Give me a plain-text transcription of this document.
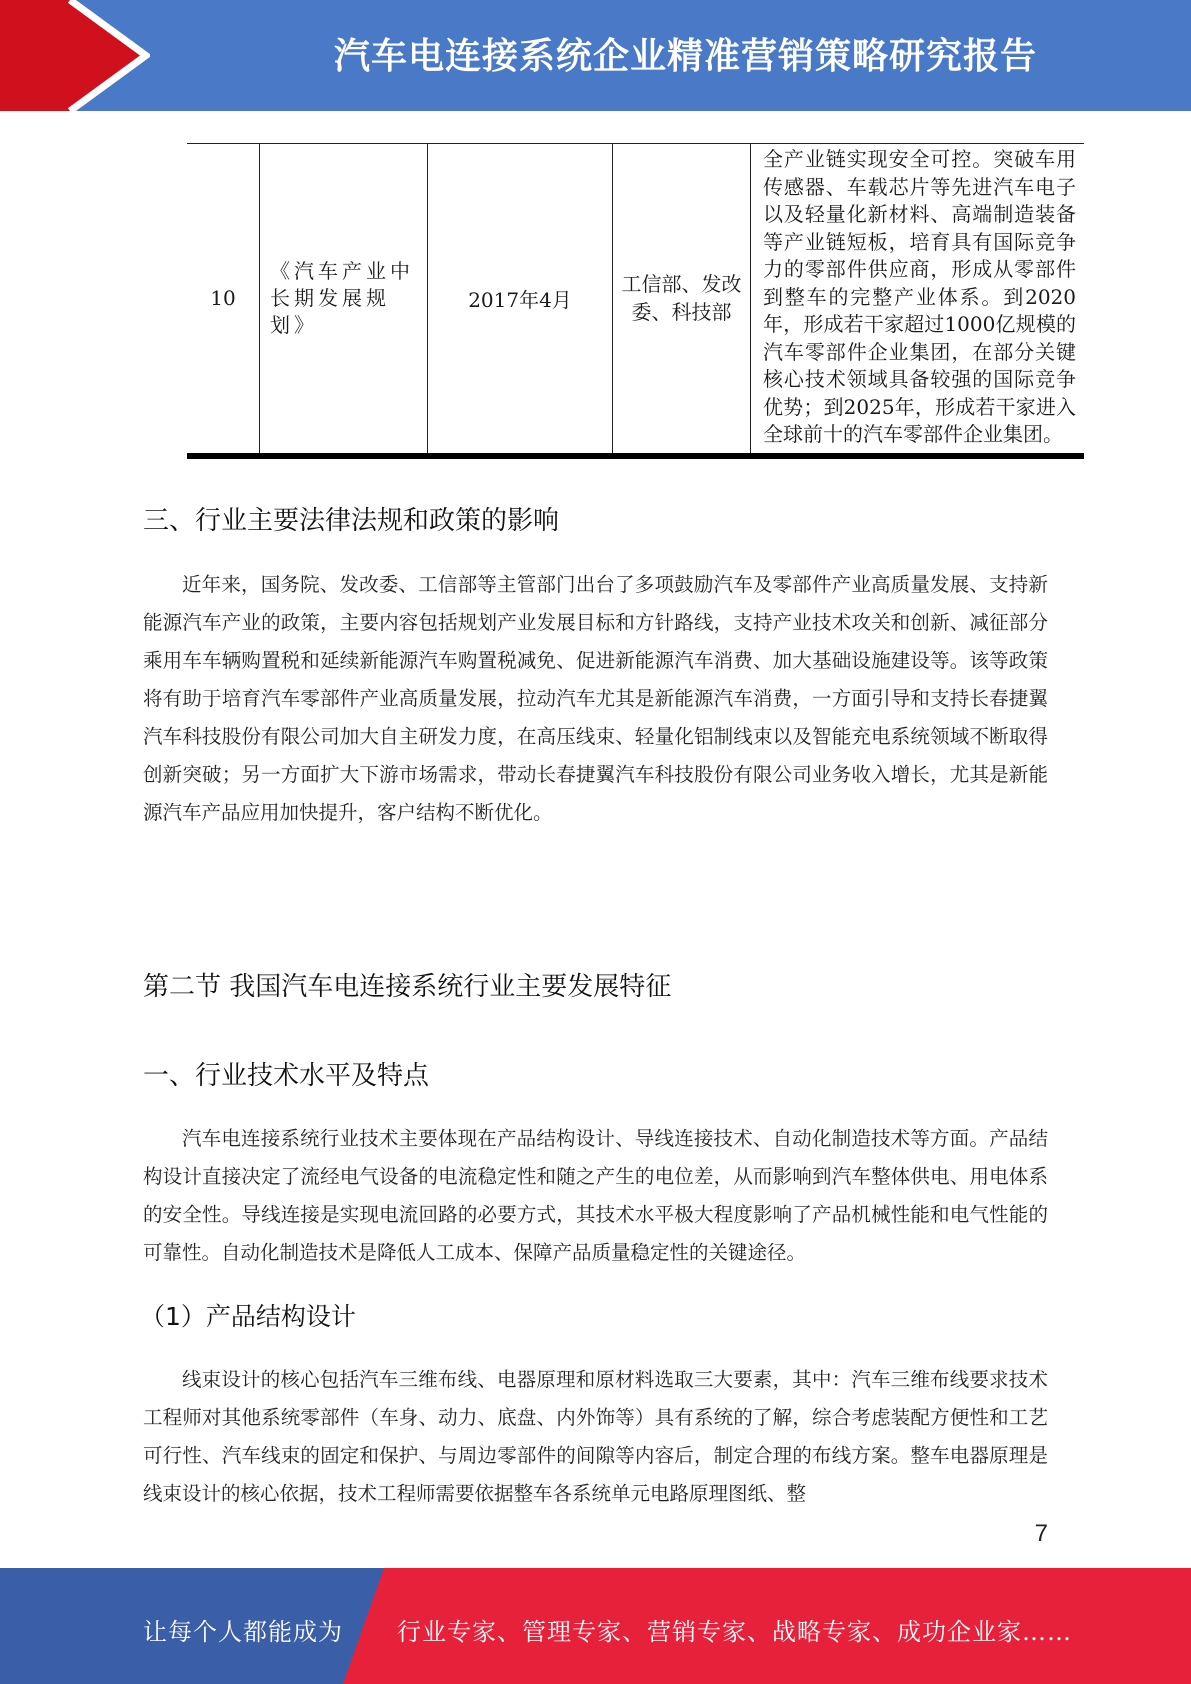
汽车电连接系统企业精准营销策略研究报告
10	《汽车产业中长期发展规划》	2017年4月	工信部、发改委、科技部	全产业链实现安全可控。突破车用传感器、车载芯片等先进汽车电子以及轻量化新材料、高端制造装备等产业链短板，培育具有国际竞争力的零部件供应商，形成从零部件到整车的完整产业体系。到2020年，形成若干家超过1000亿规模的汽车零部件企业集团，在部分关键核心技术领域具备较强的国际竞争优势；到2025年，形成若干家进入全球前十的汽车零部件企业集团。
三、行业主要法律法规和政策的影响

近年来，国务院、发改委、工信部等主管部门出台了多项鼓励汽车及零部件产业高质量发展、支持新能源汽车产业的政策，主要内容包括规划产业发展目标和方针路线，支持产业技术攻关和创新、减征部分乘用车车辆购置税和延续新能源汽车购置税减免、促进新能源汽车消费、加大基础设施建设等。该等政策将有助于培育汽车零部件产业高质量发展，拉动汽车尤其是新能源汽车消费，一方面引导和支持长春捷翼汽车科技股份有限公司加大自主研发力度，在高压线束、轻量化铝制线束以及智能充电系统领域不断取得创新突破；另一方面扩大下游市场需求，带动长春捷翼汽车科技股份有限公司业务收入增长，尤其是新能源汽车产品应用加快提升，客户结构不断优化。

第二节 我国汽车电连接系统行业主要发展特征
一、行业技术水平及特点

汽车电连接系统行业技术主要体现在产品结构设计、导线连接技术、自动化制造技术等方面。产品结构设计直接决定了流经电气设备的电流稳定性和随之产生的电位差，从而影响到汽车整体供电、用电体系的安全性。导线连接是实现电流回路的必要方式，其技术水平极大程度影响了产品机械性能和电气性能的可靠性。自动化制造技术是降低人工成本、保障产品质量稳定性的关键途径。

（1）产品结构设计

线束设计的核心包括汽车三维布线、电器原理和原材料选取三大要素，其中：汽车三维布线要求技术工程师对其他系统零部件（车身、动力、底盘、内外饰等）具有系统的了解，综合考虑装配方便性和工艺可行性、汽车线束的固定和保护、与周边零部件的间隙等内容后，制定合理的布线方案。整车电器原理是线束设计的核心依据，技术工程师需要依据整车各系统单元电路原理图纸、整

7
让每个人都能成为 行业专家、管理专家、营销专家、战略专家、成功企业家……
